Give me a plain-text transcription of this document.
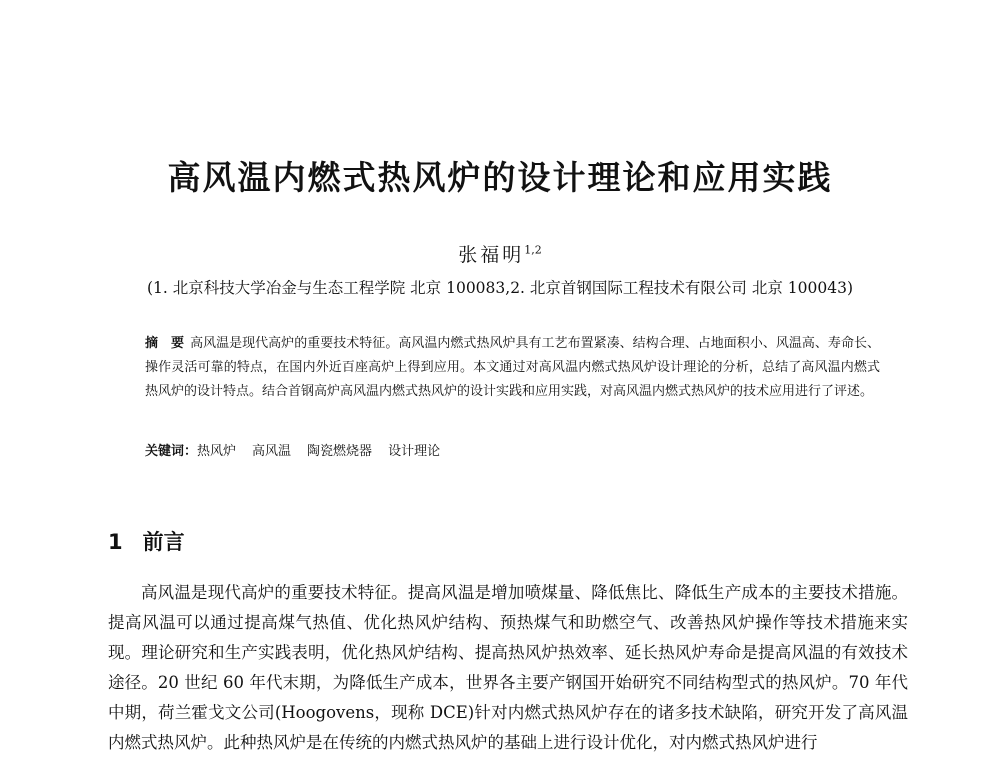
高风温内燃式热风炉的设计理论和应用实践
张福明$^{1,2}$
(1. 北京科技大学冶金与生态工程学院 北京 100083,2. 北京首钢国际工程技术有限公司 北京 100043)
摘　要 高风温是现代高炉的重要技术特征。高风温内燃式热风炉具有工艺布置紧凑、结构合理、占地面积小、风温高、寿命长、操作灵活可靠的特点，在国内外近百座高炉上得到应用。本文通过对高风温内燃式热风炉设计理论的分析，总结了高风温内燃式热风炉的设计特点。结合首钢高炉高风温内燃式热风炉的设计实践和应用实践，对高风温内燃式热风炉的技术应用进行了评述。
关键词：热风炉 高风温 陶瓷燃烧器 设计理论
1 前言
高风温是现代高炉的重要技术特征。提高风温是增加喷煤量、降低焦比、降低生产成本的主要技术措施。提高风温可以通过提高煤气热值、优化热风炉结构、预热煤气和助燃空气、改善热风炉操作等技术措施来实现。理论研究和生产实践表明，优化热风炉结构、提高热风炉热效率、延长热风炉寿命是提高风温的有效技术途径。20 世纪 60 年代末期，为降低生产成本，世界各主要产钢国开始研究不同结构型式的热风炉。70 年代中期，荷兰霍戈文公司(Hoogovens，现称 DCE)针对内燃式热风炉存在的诸多技术缺陷，研究开发了高风温内燃式热风炉。此种热风炉是在传统的内燃式热风炉的基础上进行设计优化，对内燃式热风炉进行
